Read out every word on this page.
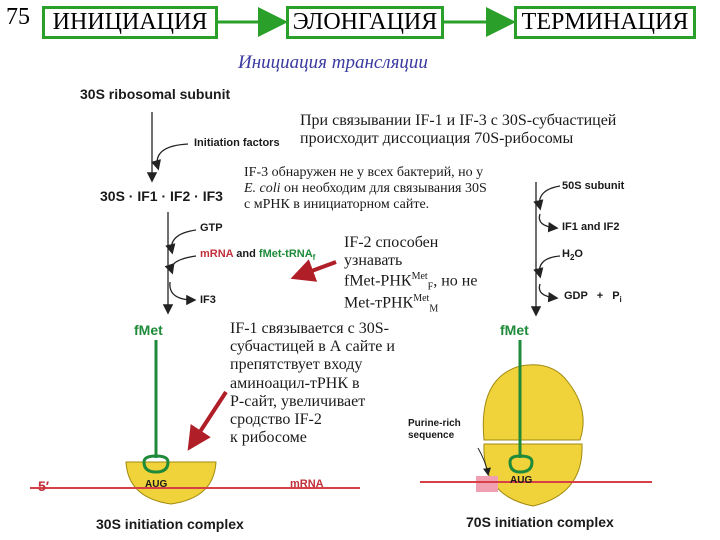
75 ИНИЦИАЦИЯ	ЭЛОНГАЦИЯ	ТЕРМИНАЦИЯ
Инициация трансляции
30S ribosomal subunit
Initiation factors
30S · IF1 · IF2 · IF3
GTP
mRNA and fMet-tRNA$_f$
IF3
fMet
AUG
5′	mRNA
30S initiation complex
50S subunit
IF1 and IF2
$H_2O$
GDP + $P_i$
fMet
Purine-rich
sequence
AUG
70S initiation complex
При связывании IF-1 и IF-3 с 30S-субчастицей происходит диссоциация 70S-рибосомы
IF-3 обнаружен не у всех бактерий, но у
E. coli он необходим для связывания 30S
с мРНК в инициаторном сайте.
IF-2 способен
узнавать
fMet-$РНК^{Met}_F$, но не
Met-тРНК$^{Met}_M$
IF-1 связывается с 30S-
субчастицей в А сайте и
препятствует входу
аминоацил-тРНК в
Р-сайт, увеличивает
сродство IF-2
к рибосоме
